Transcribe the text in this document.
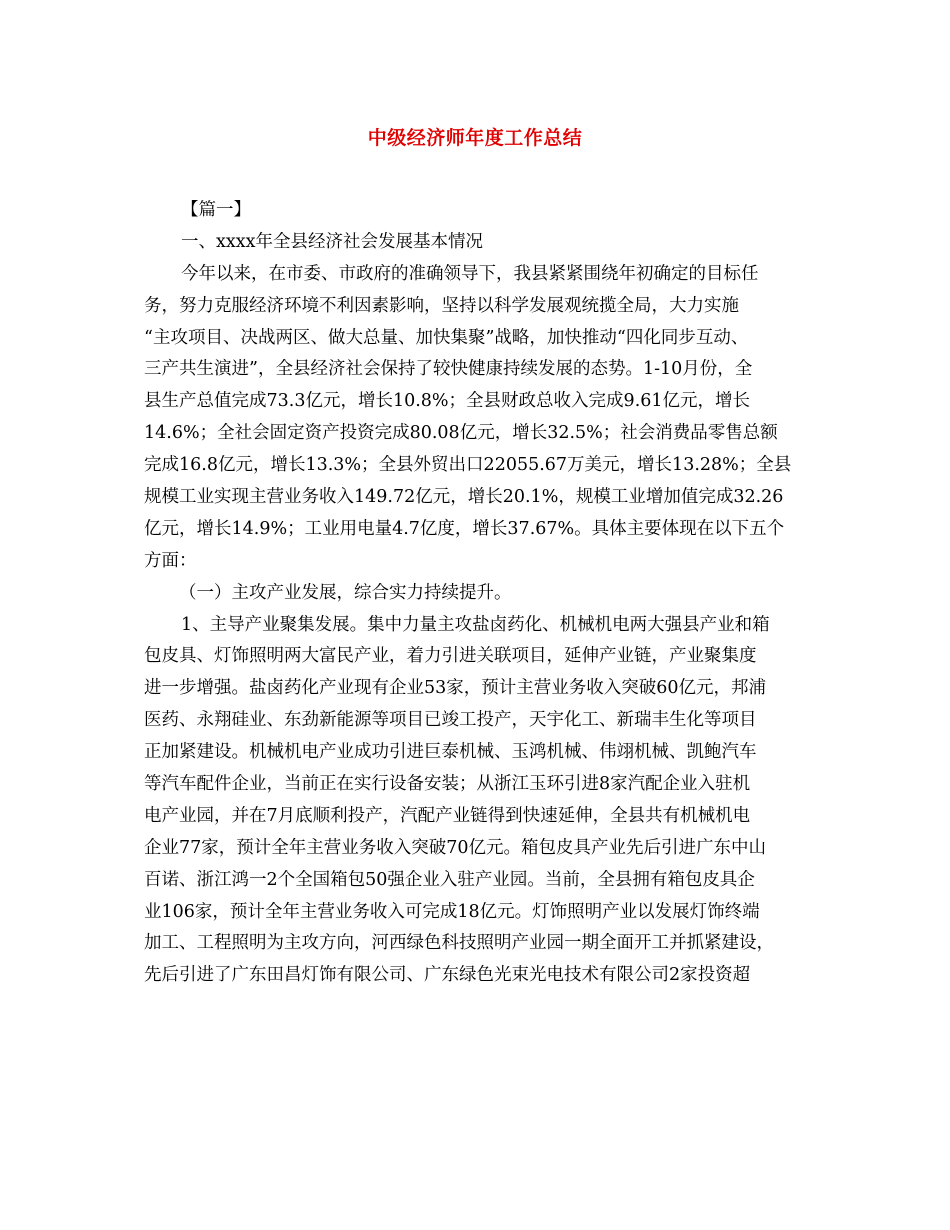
中级经济师年度工作总结
【篇一】
一、xxxx年全县经济社会发展基本情况
今年以来，在市委、市政府的准确领导下，我县紧紧围绕年初确定的目标任
务，努力克服经济环境不利因素影响，坚持以科学发展观统揽全局，大力实施
“主攻项目、决战两区、做大总量、加快集聚”战略，加快推动“四化同步互动、
三产共生演进”，全县经济社会保持了较快健康持续发展的态势。1-10月份，全
县生产总值完成73.3亿元，增长10.8%；全县财政总收入完成9.61亿元，增长
14.6%；全社会固定资产投资完成80.08亿元，增长32.5%；社会消费品零售总额
完成16.8亿元，增长13.3%；全县外贸出口22055.67万美元，增长13.28%；全县
规模工业实现主营业务收入149.72亿元，增长20.1%，规模工业增加值完成32.26
亿元，增长14.9%；工业用电量4.7亿度，增长37.67%。具体主要体现在以下五个
方面：
（一）主攻产业发展，综合实力持续提升。
1、主导产业聚集发展。集中力量主攻盐卤药化、机械机电两大强县产业和箱
包皮具、灯饰照明两大富民产业，着力引进关联项目，延伸产业链，产业聚集度
进一步增强。盐卤药化产业现有企业53家，预计主营业务收入突破60亿元，邦浦
医药、永翔硅业、东劲新能源等项目已竣工投产，天宇化工、新瑞丰生化等项目
正加紧建设。机械机电产业成功引进巨泰机械、玉鸿机械、伟翊机械、凯鲍汽车
等汽车配件企业，当前正在实行设备安装；从浙江玉环引进8家汽配企业入驻机
电产业园，并在7月底顺利投产，汽配产业链得到快速延伸，全县共有机械机电
企业77家，预计全年主营业务收入突破70亿元。箱包皮具产业先后引进广东中山
百诺、浙江鸿一2个全国箱包50强企业入驻产业园。当前，全县拥有箱包皮具企
业106家，预计全年主营业务收入可完成18亿元。灯饰照明产业以发展灯饰终端
加工、工程照明为主攻方向，河西绿色科技照明产业园一期全面开工并抓紧建设，
先后引进了广东田昌灯饰有限公司、广东绿色光束光电技术有限公司2家投资超
